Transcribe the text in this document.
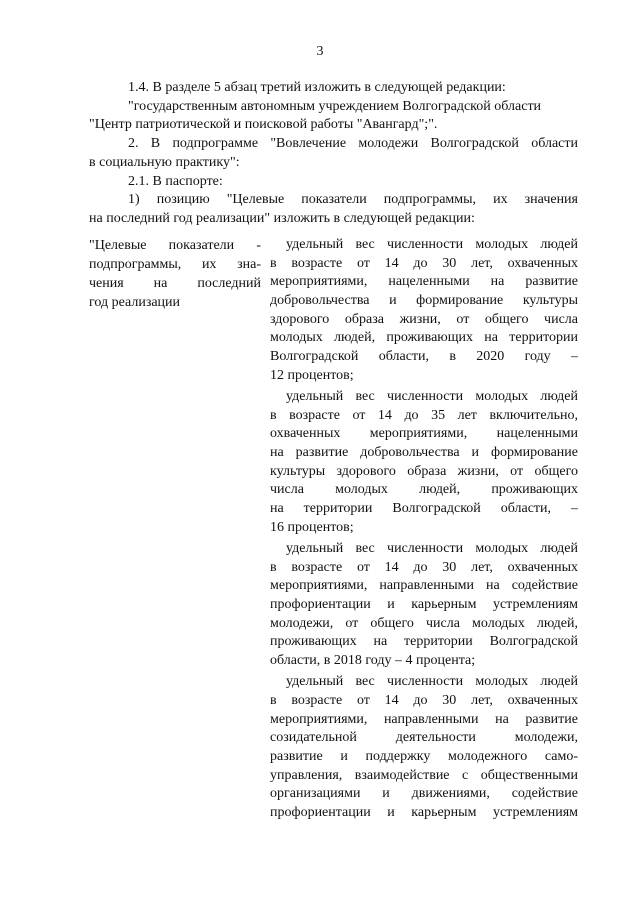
3
1.4. В разделе 5 абзац третий изложить в следующей редакции:
"государственным автономным учреждением Волгоградской области
"Центр патриотической и поисковой работы "Авангард";".
2. В подпрограмме "Вовлечение молодежи Волгоградской области
в социальную практику":
2.1. В паспорте:
1) позицию "Целевые показатели подпрограммы, их значения
на последний год реализации" изложить в следующей редакции:
"Целевые показатели -
подпрограммы, их зна-
чения на последний
год реализации
удельный вес численности молодых людей
в возрасте от 14 до 30 лет, охваченных
мероприятиями, нацеленными на развитие
добровольчества и формирование культуры
здорового образа жизни, от общего числа
молодых людей, проживающих на территории
Волгоградской области, в 2020 году –
12 процентов;
удельный вес численности молодых людей
в возрасте от 14 до 35 лет включительно,
охваченных мероприятиями, нацеленными
на развитие добровольчества и формирование
культуры здорового образа жизни, от общего
числа молодых людей, проживающих
на территории Волгоградской области, –
16 процентов;
удельный вес численности молодых людей
в возрасте от 14 до 30 лет, охваченных
мероприятиями, направленными на содействие
профориентации и карьерным устремлениям
молодежи, от общего числа молодых людей,
проживающих на территории Волгоградской
области, в 2018 году – 4 процента;
удельный вес численности молодых людей
в возрасте от 14 до 30 лет, охваченных
мероприятиями, направленными на развитие
созидательной деятельности молодежи,
развитие и поддержку молодежного само-
управления, взаимодействие с общественными
организациями и движениями, содействие
профориентации и карьерным устремлениям
